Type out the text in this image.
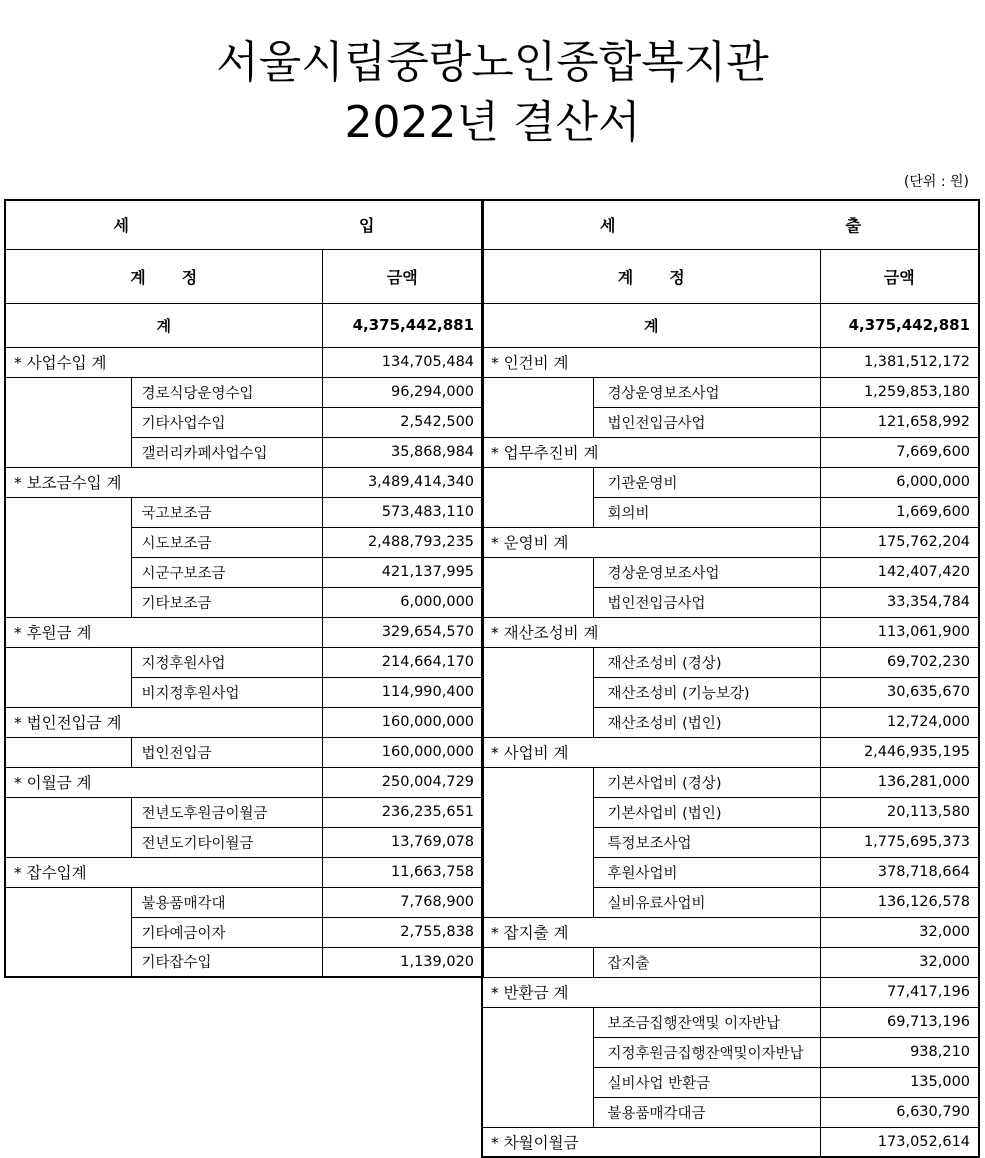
서울시립중랑노인종합복지관
2022년 결산서
(단위 : 원)
세 입		
계 정		금액
계		4,375,442,881
* 사업수입 계		134,705,484
	경로식당운영수입	96,294,000
	기타사업수입	2,542,500
	갤러리카페사업수입	35,868,984
* 보조금수입 계		3,489,414,340
	국고보조금	573,483,110
	시도보조금	2,488,793,235
	시군구보조금	421,137,995
	기타보조금	6,000,000
* 후원금 계		329,654,570
	지정후원사업	214,664,170
	비지정후원사업	114,990,400
* 법인전입금 계		160,000,000
	법인전입금	160,000,000
* 이월금 계		250,004,729
	전년도후원금이월금	236,235,651
	전년도기타이월금	13,769,078
* 잡수입계		11,663,758
	불용품매각대	7,768,900
	기타예금이자	2,755,838
	기타잡수입	1,139,020
세 출		
계 정		금액
계		4,375,442,881
* 인건비 계		1,381,512,172
	경상운영보조사업	1,259,853,180
	법인전입금사업	121,658,992
* 업무추진비 계		7,669,600
	기관운영비	6,000,000
	회의비	1,669,600
* 운영비 계		175,762,204
	경상운영보조사업	142,407,420
	법인전입금사업	33,354,784
* 재산조성비 계		113,061,900
	재산조성비 (경상)	69,702,230
	재산조성비 (기능보강)	30,635,670
	재산조성비 (법인)	12,724,000
* 사업비 계		2,446,935,195
	기본사업비 (경상)	136,281,000
	기본사업비 (법인)	20,113,580
	특정보조사업	1,775,695,373
	후원사업비	378,718,664
	실비유료사업비	136,126,578
* 잡지출 계		32,000
	잡지출	32,000
* 반환금 계		77,417,196
	보조금집행잔액및 이자반납	69,713,196
	지정후원금집행잔액및이자반납	938,210
	실비사업 반환금	135,000
	불용품매각대금	6,630,790
* 차월이월금		173,052,614
